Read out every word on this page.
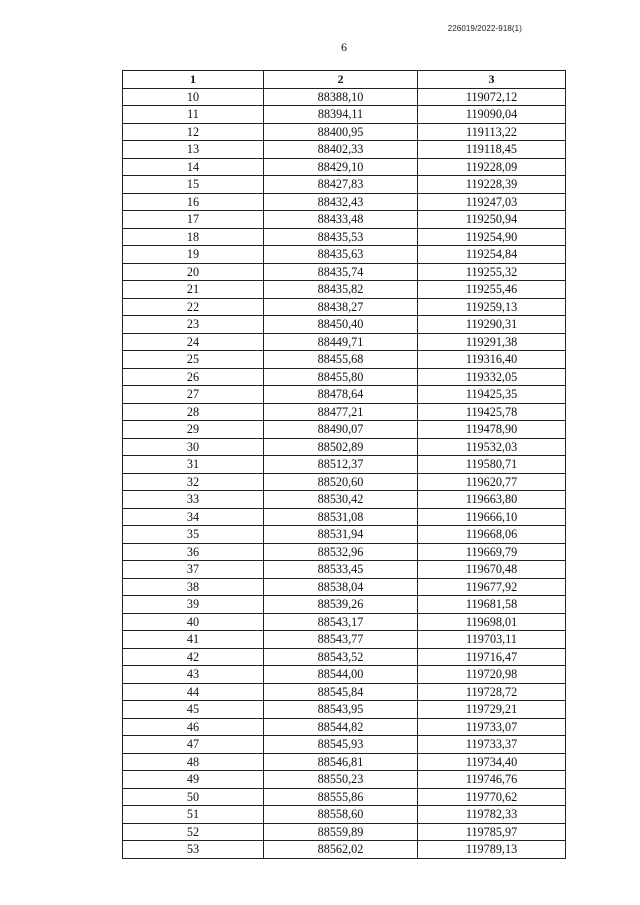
226019/2022-918(1)
6
1	2	3
10	88388,10	119072,12
11	88394,11	119090,04
12	88400,95	119113,22
13	88402,33	119118,45
14	88429,10	119228,09
15	88427,83	119228,39
16	88432,43	119247,03
17	88433,48	119250,94
18	88435,53	119254,90
19	88435,63	119254,84
20	88435,74	119255,32
21	88435,82	119255,46
22	88438,27	119259,13
23	88450,40	119290,31
24	88449,71	119291,38
25	88455,68	119316,40
26	88455,80	119332,05
27	88478,64	119425,35
28	88477,21	119425,78
29	88490,07	119478,90
30	88502,89	119532,03
31	88512,37	119580,71
32	88520,60	119620,77
33	88530,42	119663,80
34	88531,08	119666,10
35	88531,94	119668,06
36	88532,96	119669,79
37	88533,45	119670,48
38	88538,04	119677,92
39	88539,26	119681,58
40	88543,17	119698,01
41	88543,77	119703,11
42	88543,52	119716,47
43	88544,00	119720,98
44	88545,84	119728,72
45	88543,95	119729,21
46	88544,82	119733,07
47	88545,93	119733,37
48	88546,81	119734,40
49	88550,23	119746,76
50	88555,86	119770,62
51	88558,60	119782,33
52	88559,89	119785,97
53	88562,02	119789,13
